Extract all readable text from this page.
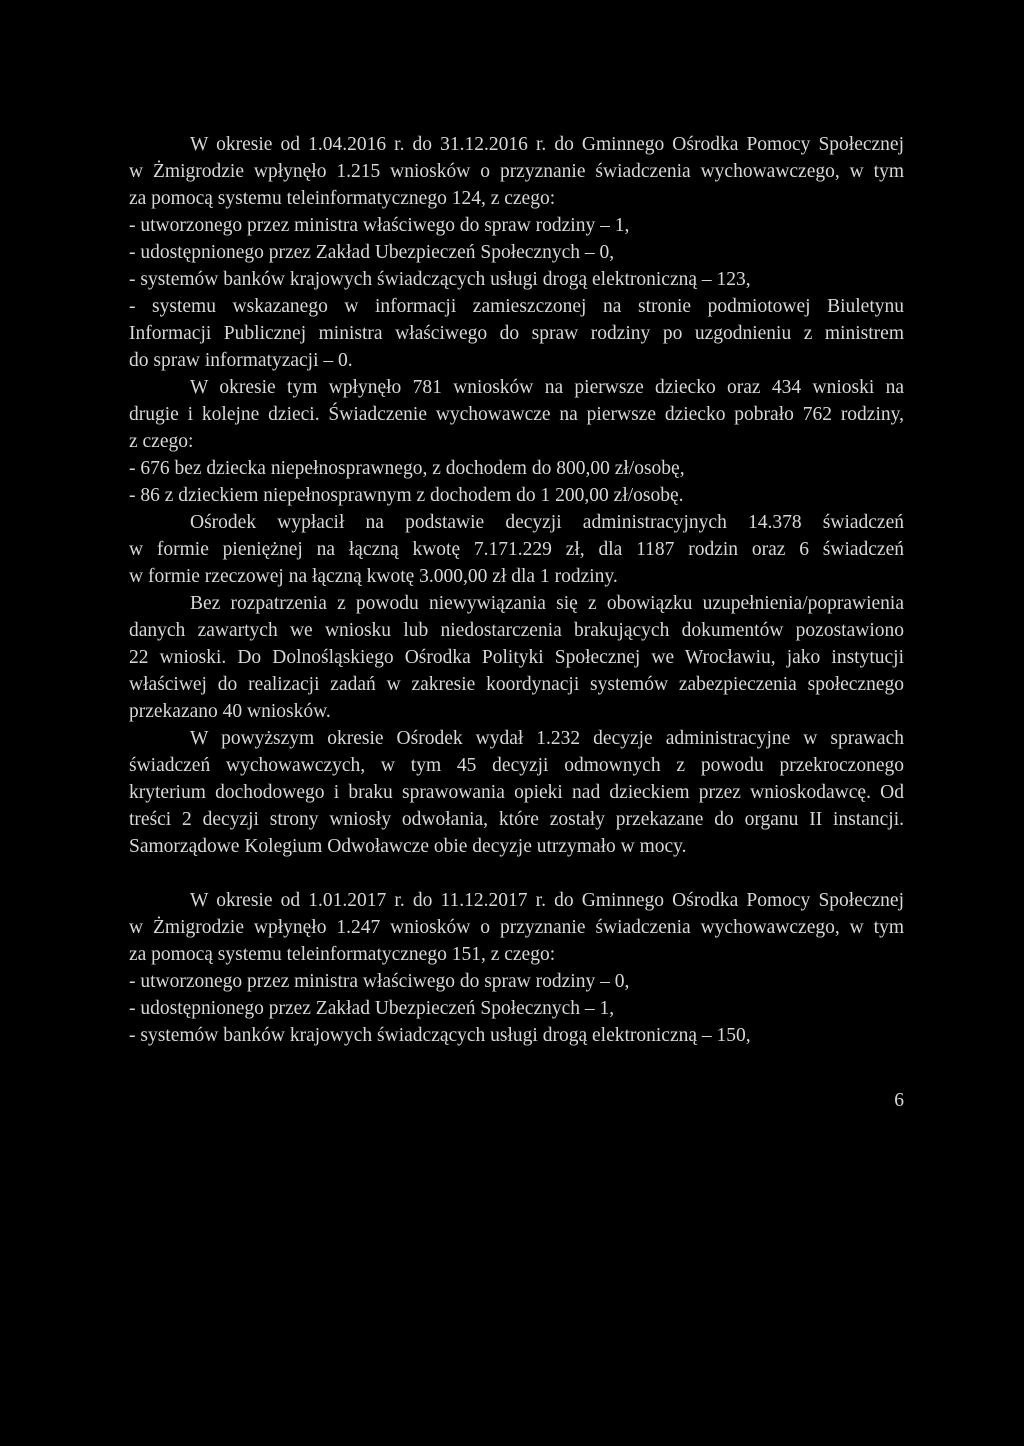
W okresie od 1.04.2016 r. do 31.12.2016 r. do Gminnego Ośrodka Pomocy Społecznej
w Żmigrodzie wpłynęło 1.215 wniosków o przyznanie świadczenia wychowawczego, w tym
za pomocą systemu teleinformatycznego 124, z czego:
- utworzonego przez ministra właściwego do spraw rodziny – 1,
- udostępnionego przez Zakład Ubezpieczeń Społecznych – 0,
- systemów banków krajowych świadczących usługi drogą elektroniczną – 123,
- systemu wskazanego w informacji zamieszczonej na stronie podmiotowej Biuletynu
Informacji Publicznej ministra właściwego do spraw rodziny po uzgodnieniu z ministrem
do spraw informatyzacji – 0.
W okresie tym wpłynęło 781 wniosków na pierwsze dziecko oraz 434 wnioski na
drugie i kolejne dzieci. Świadczenie wychowawcze na pierwsze dziecko pobrało 762 rodziny,
z czego:
- 676 bez dziecka niepełnosprawnego, z dochodem do 800,00 zł/osobę,
- 86 z dzieckiem niepełnosprawnym z dochodem do 1 200,00 zł/osobę.
Ośrodek wypłacił na podstawie decyzji administracyjnych 14.378 świadczeń
w formie pieniężnej na łączną kwotę 7.171.229 zł, dla 1187 rodzin oraz 6 świadczeń
w formie rzeczowej na łączną kwotę 3.000,00 zł dla 1 rodziny.
Bez rozpatrzenia z powodu niewywiązania się z obowiązku uzupełnienia/poprawienia
danych zawartych we wniosku lub niedostarczenia brakujących dokumentów pozostawiono
22 wnioski. Do Dolnośląskiego Ośrodka Polityki Społecznej we Wrocławiu, jako instytucji
właściwej do realizacji zadań w zakresie koordynacji systemów zabezpieczenia społecznego
przekazano 40 wniosków.
W powyższym okresie Ośrodek wydał 1.232 decyzje administracyjne w sprawach
świadczeń wychowawczych, w tym 45 decyzji odmownych z powodu przekroczonego
kryterium dochodowego i braku sprawowania opieki nad dzieckiem przez wnioskodawcę. Od
treści 2 decyzji strony wniosły odwołania, które zostały przekazane do organu II instancji.
Samorządowe Kolegium Odwoławcze obie decyzje utrzymało w mocy.
W okresie od 1.01.2017 r. do 11.12.2017 r. do Gminnego Ośrodka Pomocy Społecznej
w Żmigrodzie wpłynęło 1.247 wniosków o przyznanie świadczenia wychowawczego, w tym
za pomocą systemu teleinformatycznego 151, z czego:
- utworzonego przez ministra właściwego do spraw rodziny – 0,
- udostępnionego przez Zakład Ubezpieczeń Społecznych – 1,
- systemów banków krajowych świadczących usługi drogą elektroniczną – 150,
6
